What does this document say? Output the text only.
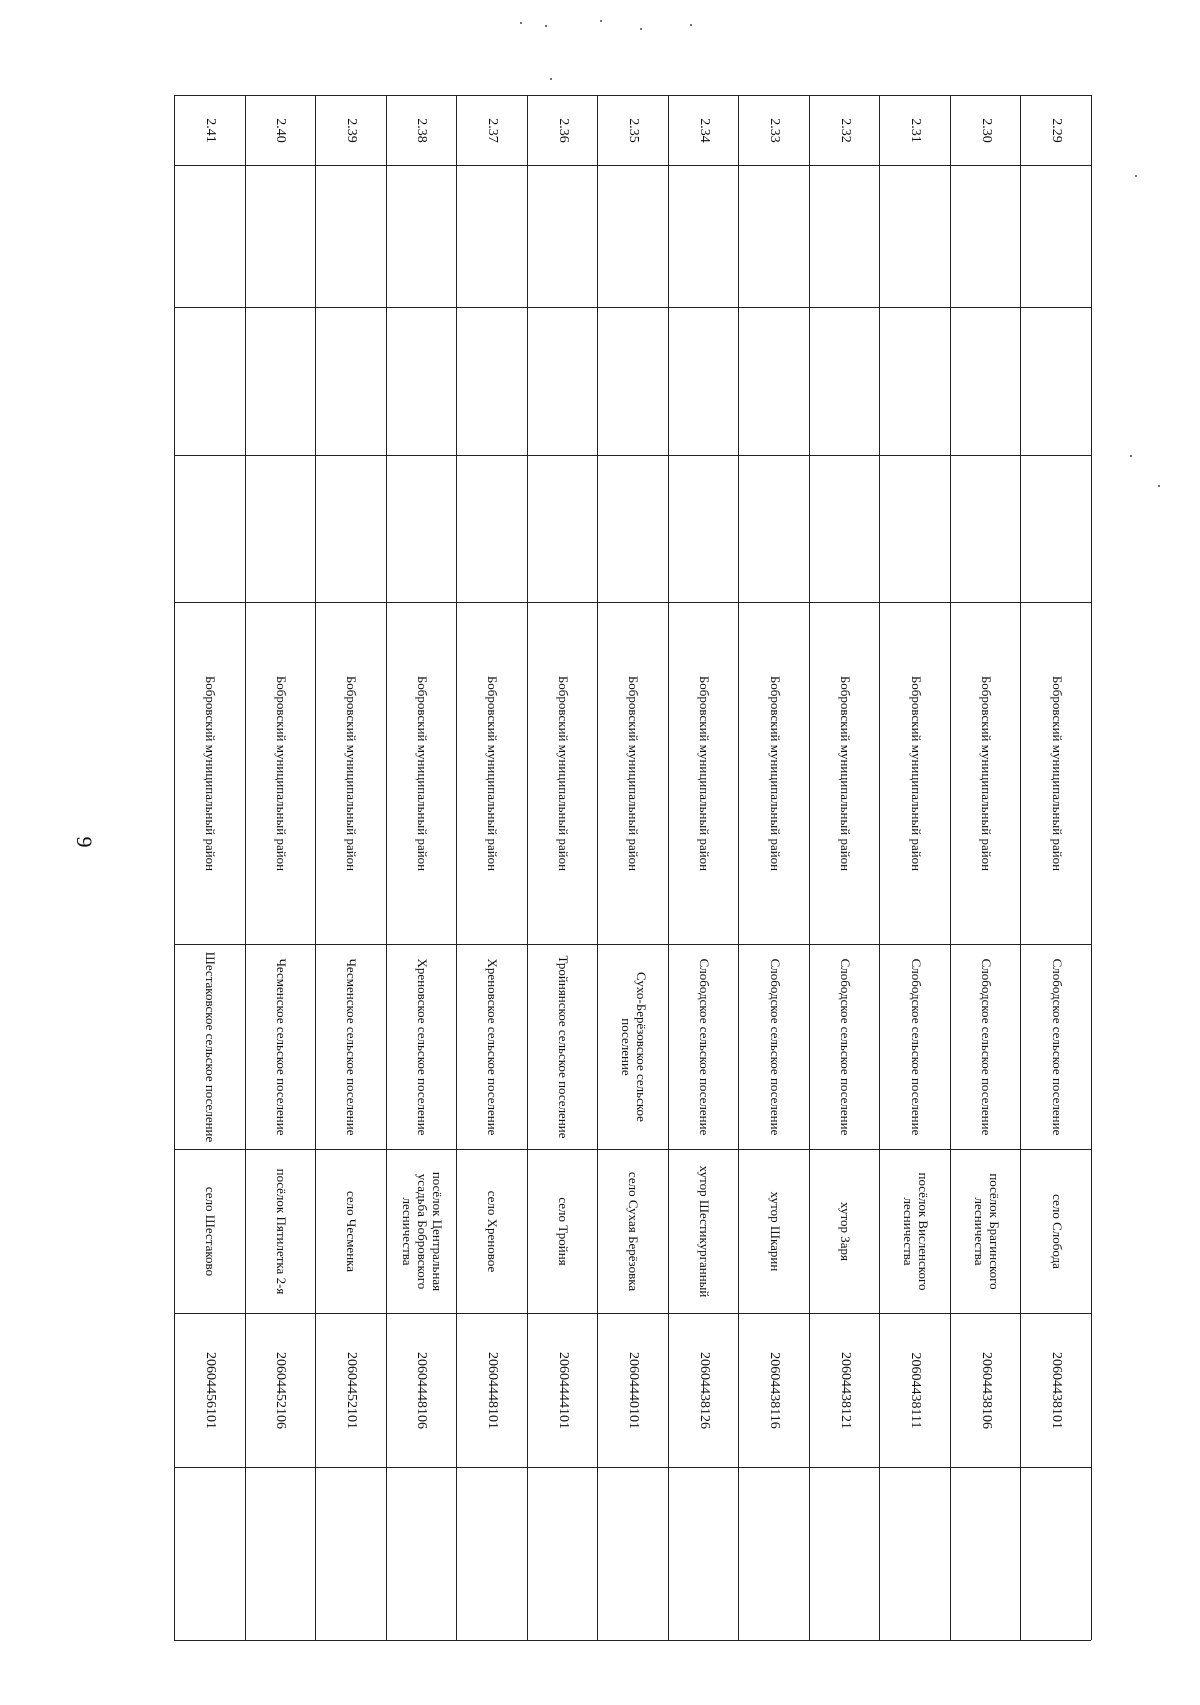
9
2.29
Бобровский муниципальный район
Слободское сельское поселение
село Слобода
20604438101
2.30
Бобровский муниципальный район
Слободское сельское поселение
посёлок Брагинского лесничества
20604438106
2.31
Бобровский муниципальный район
Слободское сельское поселение
посёлок Висленского лесничества
20604438111
2.32
Бобровский муниципальный район
Слободское сельское поселение
хутор Заря
20604438121
2.33
Бобровский муниципальный район
Слободское сельское поселение
хутор Шкарин
20604438116
2.34
Бобровский муниципальный район
Слободское сельское поселение
хутор Шестикурганный
20604438126
2.35
Бобровский муниципальный район
Сухо-Берёзовское сельское поселение
село Сухая Берёзовка
20604440101
2.36
Бобровский муниципальный район
Тройнянское сельское поселение
село Тройня
20604444101
2.37
Бобровский муниципальный район
Хреновское сельское поселение
село Хреновое
20604448101
2.38
Бобровский муниципальный район
Хреновское сельское поселение
посёлок Центральная усадьба Бобровского лесничества
20604448106
2.39
Бобровский муниципальный район
Чесменское сельское поселение
село Чесменка
20604452101
2.40
Бобровский муниципальный район
Чесменское сельское поселение
посёлок Пятилетка 2-я
20604452106
2.41
Бобровский муниципальный район
Шестаковское сельское поселение
село Шестаково
20604456101
